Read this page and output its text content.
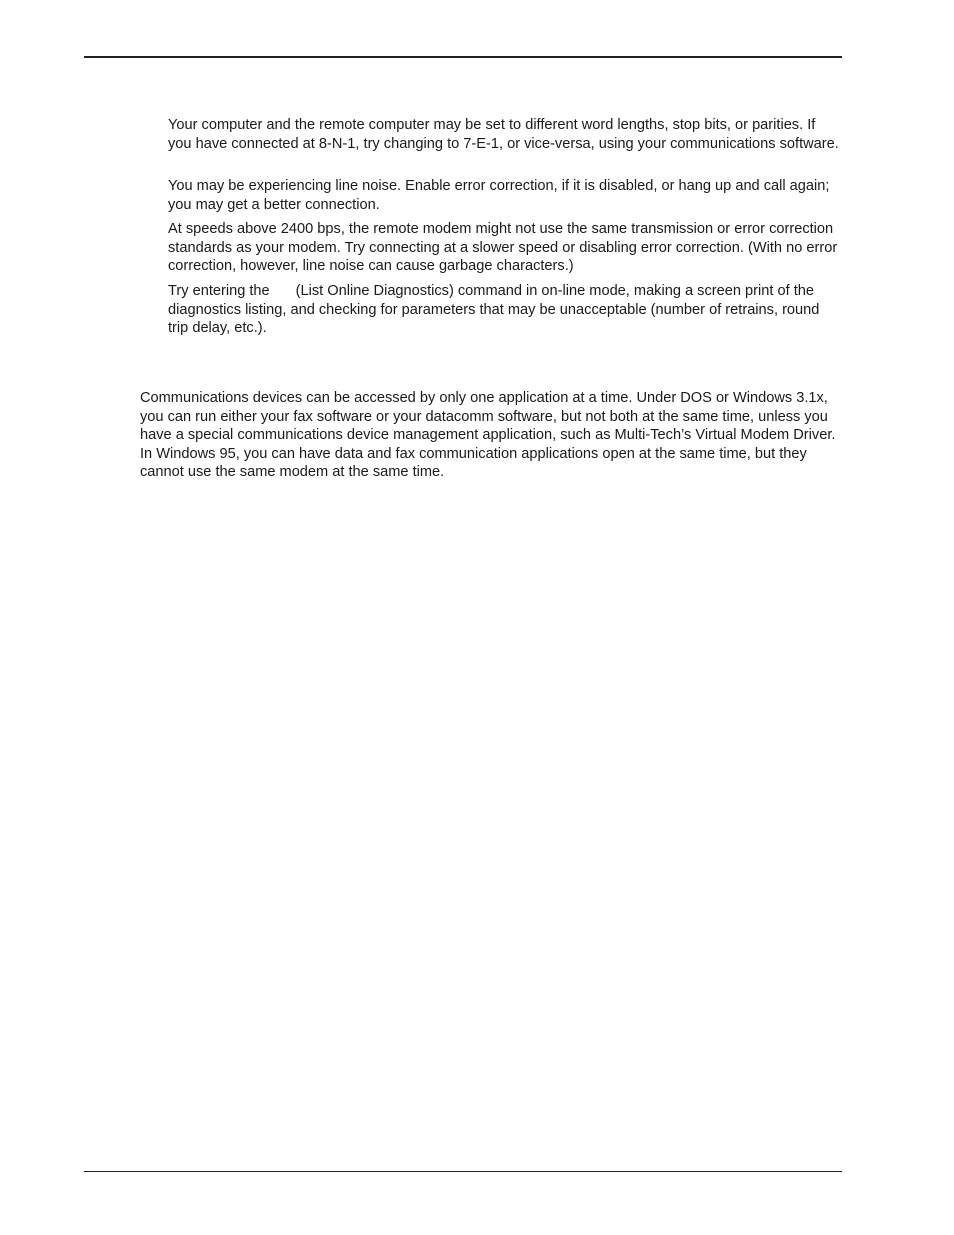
Your computer and the remote computer may be set to different word lengths, stop bits, or parities. If you have connected at 8-N-1, try changing to 7-E-1, or vice-versa, using your communications software.

You may be experiencing line noise. Enable error correction, if it is disabled, or hang up and call again; you may get a better connection.

At speeds above 2400 bps, the remote modem might not use the same transmission or error correction standards as your modem. Try connecting at a slower speed or disabling error correction. (With no error correction, however, line noise can cause garbage characters.)

Try entering the (List Online Diagnostics) command in on-line mode, making a screen print of the diagnostics listing, and checking for parameters that may be unacceptable (number of retrains, round trip delay, etc.).

Communications devices can be accessed by only one application at a time. Under DOS or Windows 3.1x, you can run either your fax software or your datacomm software, but not both at the same time, unless you have a special communications device management application, such as Multi-Tech’s Virtual Modem Driver. In Windows 95, you can have data and fax communication applications open at the same time, but they cannot use the same modem at the same time.
